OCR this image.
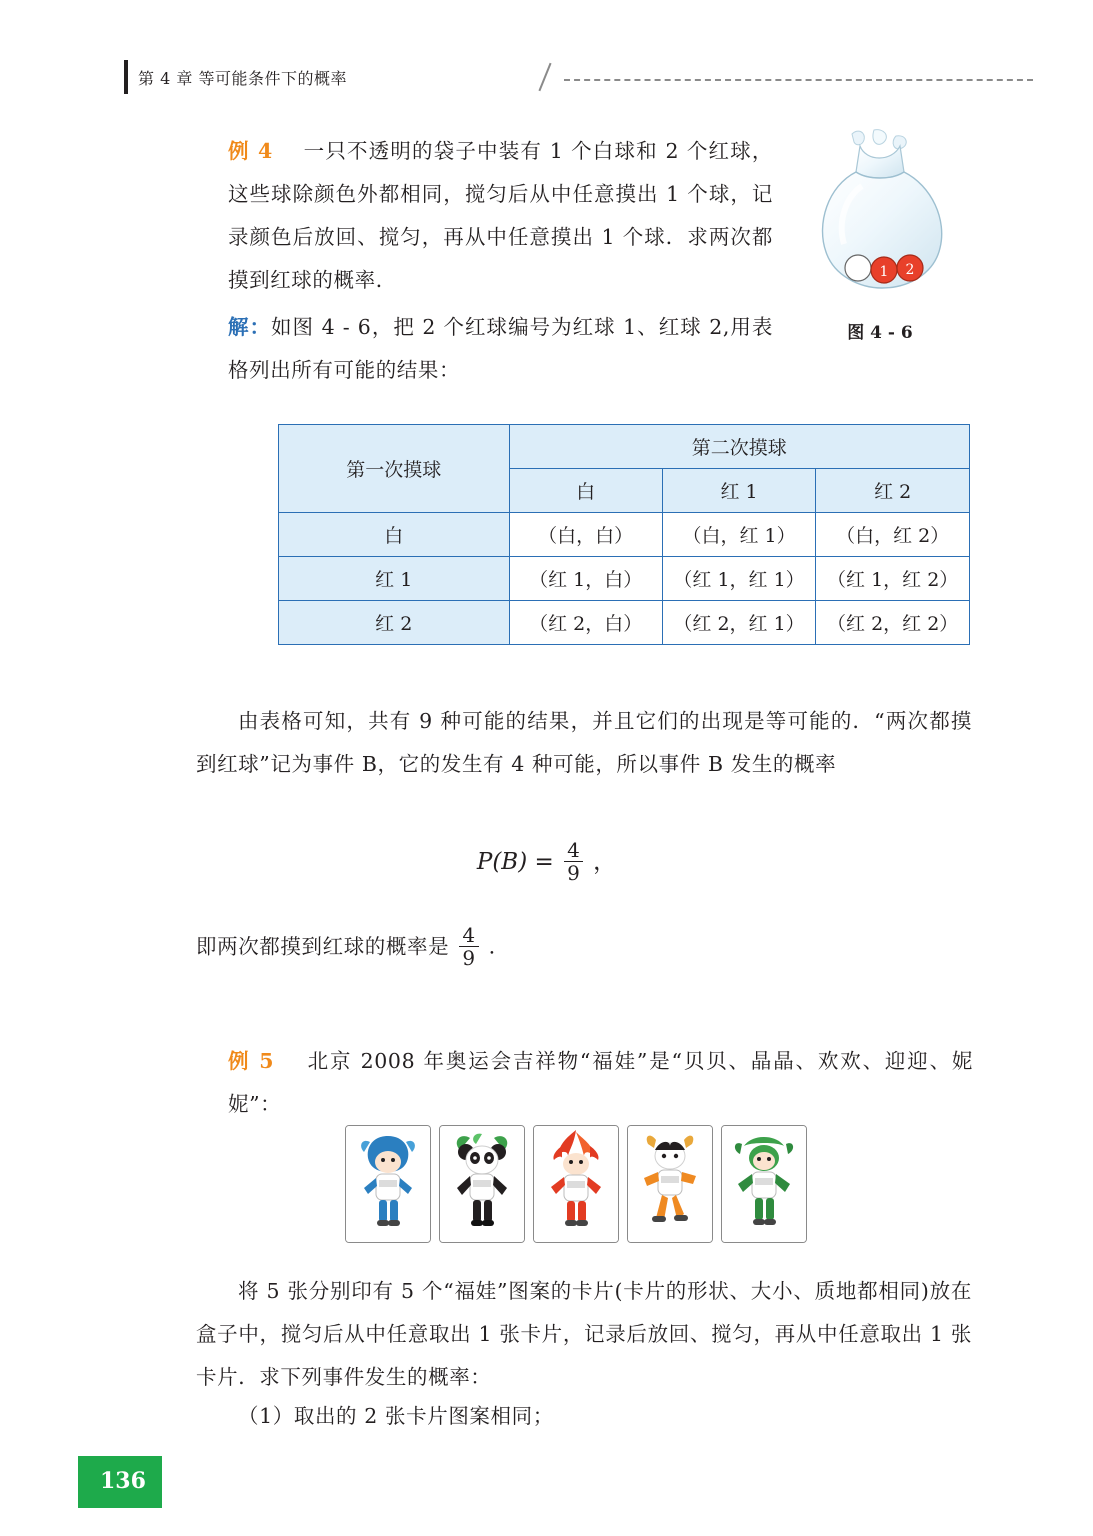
第 4 章 等可能条件下的概率
例 4 一只不透明的袋子中装有 1 个白球和 2 个红球，这些球除颜色外都相同，搅匀后从中任意摸出 1 个球，记录颜色后放回、搅匀，再从中任意摸出 1 个球．求两次都摸到红球的概率．
解：如图 4 - 6，把 2 个红球编号为红球 1、红球 2,用表格列出所有可能的结果：
1 2
图 4 - 6
第一次摸球	第二次摸球		
	白	红 1	红 2
白	（白，白）	（白，红 1）	（白，红 2）
红 1	（红 1，白）	（红 1，红 1）	（红 1，红 2）
红 2	（红 2，白）	（红 2，红 1）	（红 2，红 2）
由表格可知，共有 9 种可能的结果，并且它们的出现是等可能的．“两次都摸到红球”记为事件 B，它的发生有 4 种可能，所以事件 B 发生的概率
$P(B) = \frac{4}{9}$ ，
即两次都摸到红球的概率是 $\frac{4}{9}$ ．
例 5 北京 2008 年奥运会吉祥物“福娃”是“贝贝、晶晶、欢欢、迎迎、妮妮”：
将 5 张分别印有 5 个“福娃”图案的卡片(卡片的形状、大小、质地都相同)放在盒子中，搅匀后从中任意取出 1 张卡片，记录后放回、搅匀，再从中任意取出 1 张卡片．求下列事件发生的概率：
（1）取出的 2 张卡片图案相同；
136
